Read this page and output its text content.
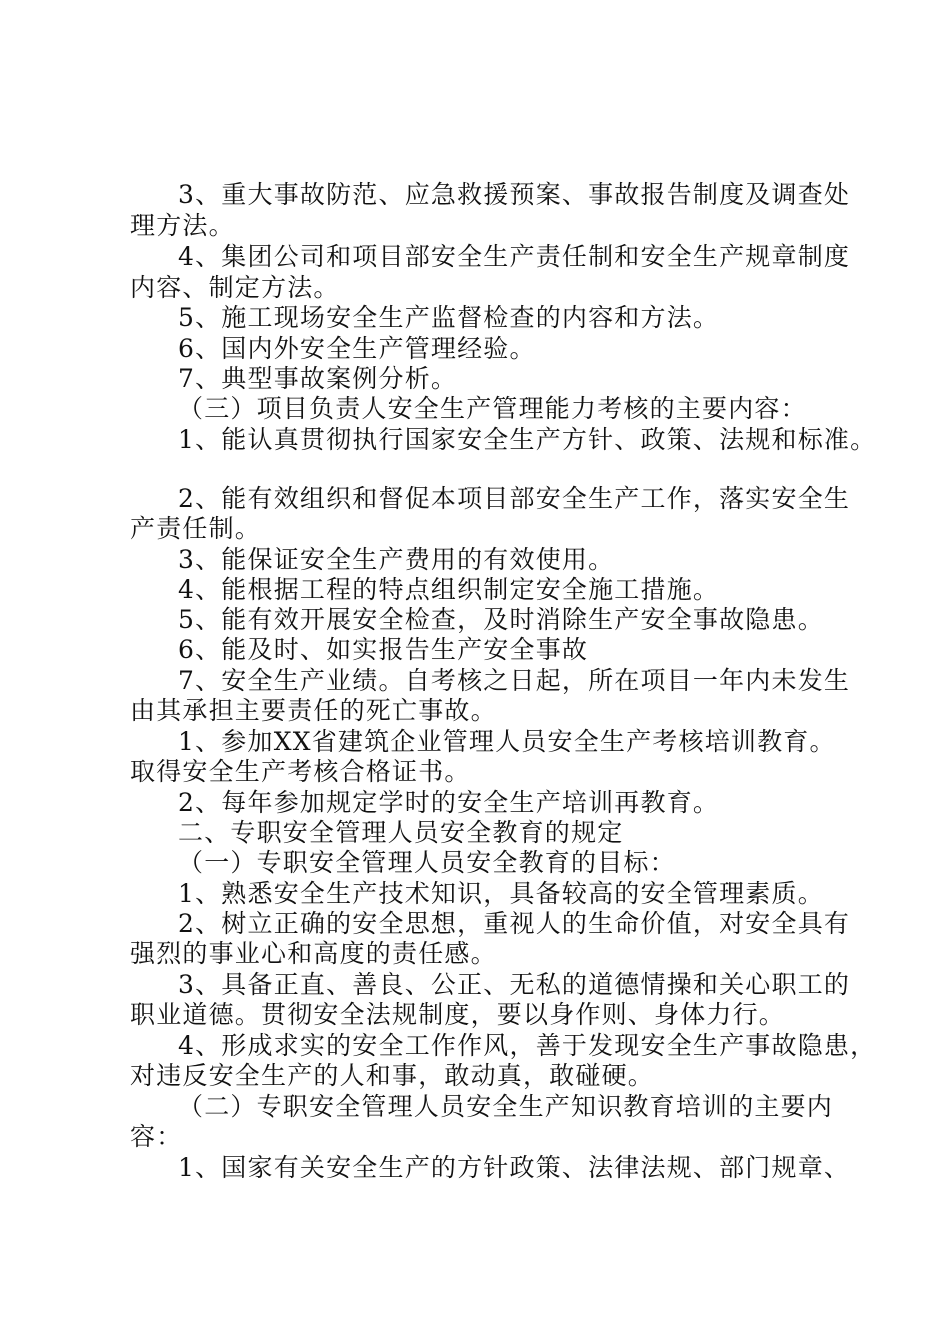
3、重大事故防范、应急救援预案、事故报告制度及调查处
理方法。
4、集团公司和项目部安全生产责任制和安全生产规章制度
内容、制定方法。
5、施工现场安全生产监督检查的内容和方法。
6、国内外安全生产管理经验。
7、典型事故案例分析。
（三）项目负责人安全生产管理能力考核的主要内容：
1、能认真贯彻执行国家安全生产方针、政策、法规和标准。
2、能有效组织和督促本项目部安全生产工作，落实安全生
产责任制。
3、能保证安全生产费用的有效使用。
4、能根据工程的特点组织制定安全施工措施。
5、能有效开展安全检查，及时消除生产安全事故隐患。
6、能及时、如实报告生产安全事故
7、安全生产业绩。自考核之日起，所在项目一年内未发生
由其承担主要责任的死亡事故。
1、参加XX省建筑企业管理人员安全生产考核培训教育。
取得安全生产考核合格证书。
2、每年参加规定学时的安全生产培训再教育。
二、专职安全管理人员安全教育的规定
（一）专职安全管理人员安全教育的目标：
1、熟悉安全生产技术知识，具备较高的安全管理素质。
2、树立正确的安全思想，重视人的生命价值，对安全具有
强烈的事业心和高度的责任感。
3、具备正直、善良、公正、无私的道德情操和关心职工的
职业道德。贯彻安全法规制度，要以身作则、身体力行。
4、形成求实的安全工作作风，善于发现安全生产事故隐患，
对违反安全生产的人和事，敢动真，敢碰硬。
（二）专职安全管理人员安全生产知识教育培训的主要内
容：
1、国家有关安全生产的方针政策、法律法规、部门规章、
